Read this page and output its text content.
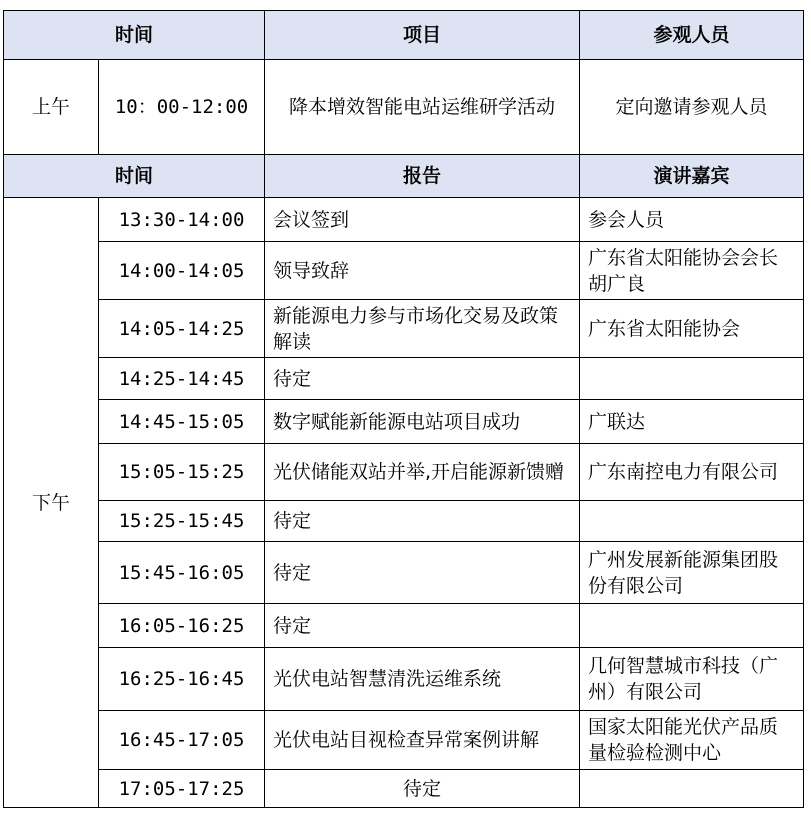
时间		项目	参观人员
上午	10：00-12:00	降本增效智能电站运维研学活动	定向邀请参观人员
时间		报告	演讲嘉宾
下午	13:30-14:00	会议签到	参会人员
	14:00-14:05	领导致辞	广东省太阳能协会会长 胡广良
	14:05-14:25	新能源电力参与市场化交易及政策解读	广东省太阳能协会
	14:25-14:45	待定	
	14:45-15:05	数字赋能新能源电站项目成功	广联达
	15:05-15:25	光伏储能双站并举,开启能源新馈赠	广东南控电力有限公司
	15:25-15:45	待定	
	15:45-16:05	待定	广州发展新能源集团股份有限公司
	16:05-16:25	待定	
	16:25-16:45	光伏电站智慧清洗运维系统	几何智慧城市科技（广州）有限公司
	16:45-17:05	光伏电站目视检查异常案例讲解	国家太阳能光伏产品质量检验检测中心
	17:05-17:25	待定	
